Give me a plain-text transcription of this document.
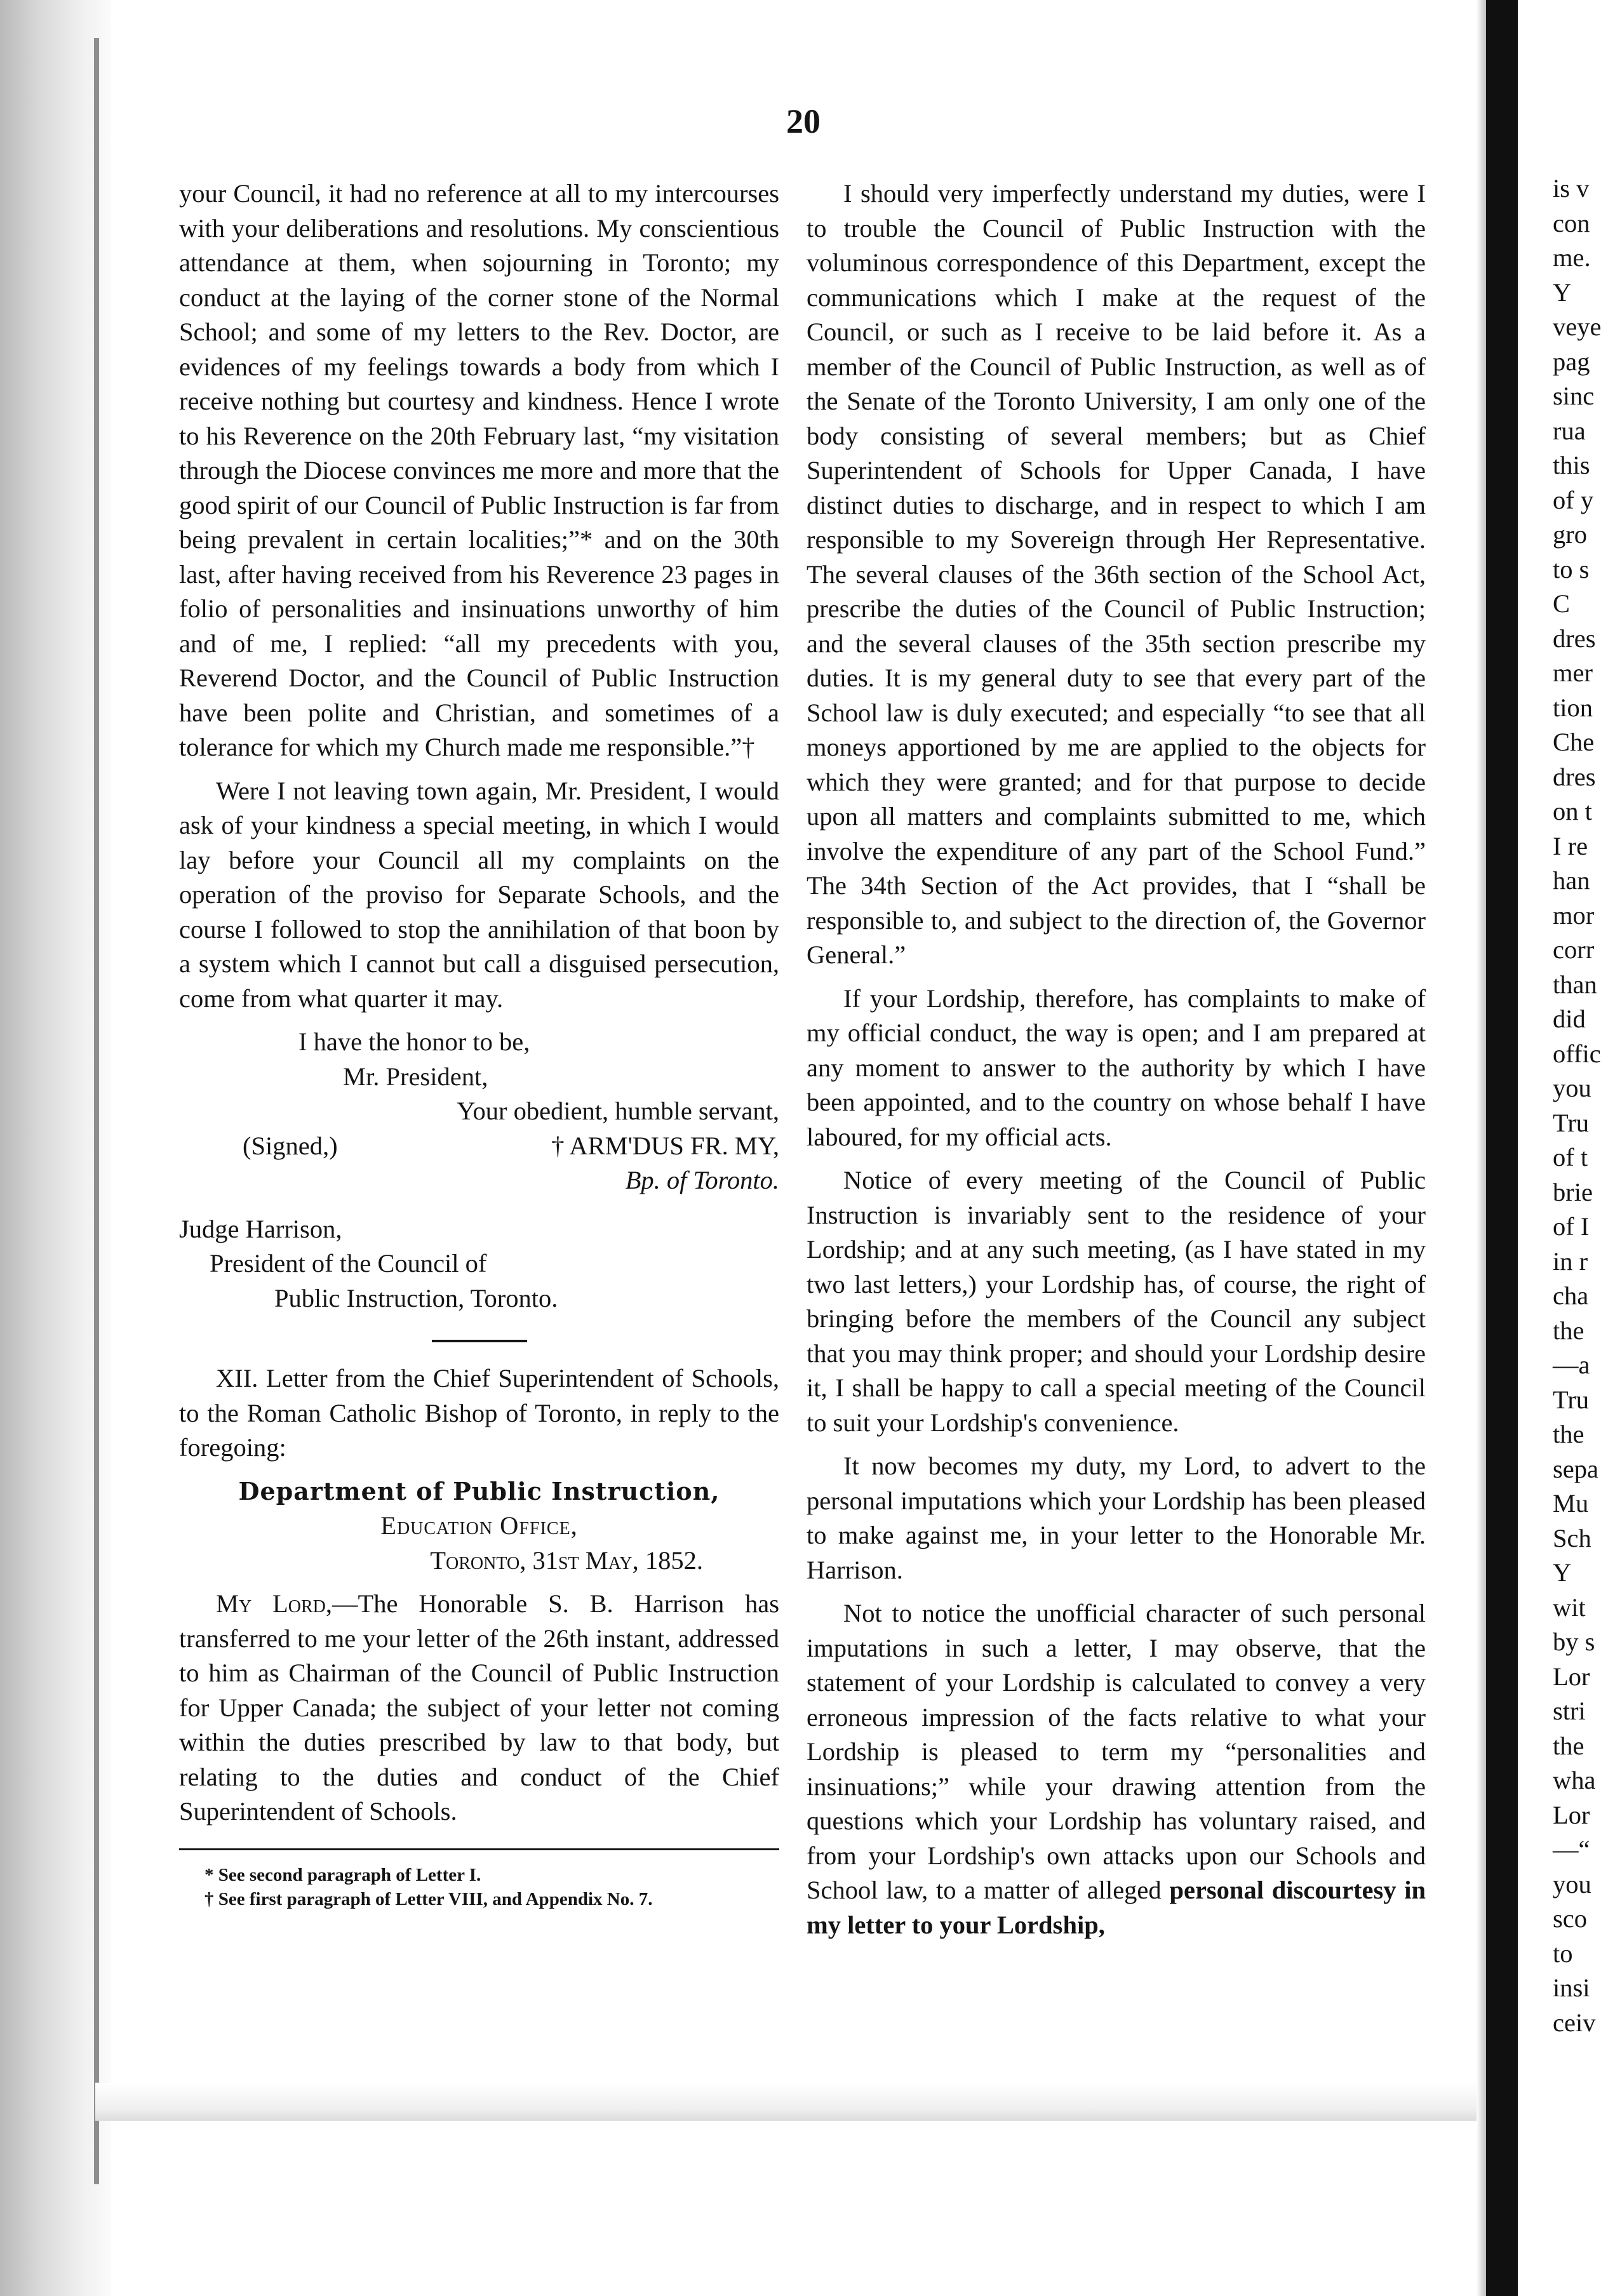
20

your Council, it had no reference at all to my intercourses with your deliberations and resolutions. My conscientious attendance at them, when sojourning in Toronto; my conduct at the laying of the corner stone of the Normal School; and some of my letters to the Rev. Doctor, are evidences of my feelings towards a body from which I receive nothing but courtesy and kindness. Hence I wrote to his Reverence on the 20th February last, “my visitation through the Diocese convinces me more and more that the good spirit of our Council of Public Instruction is far from being prevalent in certain localities;”* and on the 30th last, after having received from his Reverence 23 pages in folio of personalities and insinuations unworthy of him and of me, I replied: “all my precedents with you, Reverend Doctor, and the Council of Public Instruction have been polite and Christian, and sometimes of a tolerance for which my Church made me responsible.”†

Were I not leaving town again, Mr. President, I would ask of your kindness a special meeting, in which I would lay before your Council all my complaints on the operation of the proviso for Separate Schools, and the course I followed to stop the annihilation of that boon by a system which I cannot but call a disguised persecution, come from what quarter it may.

I have the honor to be,
Mr. President,
Your obedient, humble servant,
(Signed,)	† ARM'DUS FR. MY,
Bp. of Toronto.
Judge Harrison,
President of the Council of
Public Instruction, Toronto.

XII. Letter from the Chief Superintendent of Schools, to the Roman Catholic Bishop of Toronto, in reply to the foregoing:

Department of Public Instruction,
Education Office,
Toronto, 31st May, 1852.

My Lord,—The Honorable S. B. Harrison has transferred to me your letter of the 26th instant, addressed to him as Chairman of the Council of Public Instruction for Upper Canada; the subject of your letter not coming within the duties prescribed by law to that body, but relating to the duties and conduct of the Chief Superintendent of Schools.

* See second paragraph of Letter I.
† See first paragraph of Letter VIII, and Appendix No. 7.

I should very imperfectly understand my duties, were I to trouble the Council of Public Instruction with the voluminous correspondence of this Department, except the communications which I make at the request of the Council, or such as I receive to be laid before it. As a member of the Council of Public Instruction, as well as of the Senate of the Toronto University, I am only one of the body consisting of several members; but as Chief Superintendent of Schools for Upper Canada, I have distinct duties to discharge, and in respect to which I am responsible to my Sovereign through Her Representative. The several clauses of the 36th section of the School Act, prescribe the duties of the Council of Public Instruction; and the several clauses of the 35th section prescribe my duties. It is my general duty to see that every part of the School law is duly executed; and especially “to see that all moneys apportioned by me are applied to the objects for which they were granted; and for that purpose to decide upon all matters and complaints submitted to me, which involve the expenditure of any part of the School Fund.” The 34th Section of the Act provides, that I “shall be responsible to, and subject to the direction of, the Governor General.”

If your Lordship, therefore, has complaints to make of my official conduct, the way is open; and I am prepared at any moment to answer to the authority by which I have been appointed, and to the country on whose behalf I have laboured, for my official acts.

Notice of every meeting of the Council of Public Instruction is invariably sent to the residence of your Lordship; and at any such meeting, (as I have stated in my two last letters,) your Lordship has, of course, the right of bringing before the members of the Council any subject that you may think proper; and should your Lordship desire it, I shall be happy to call a special meeting of the Council to suit your Lordship's convenience.

It now becomes my duty, my Lord, to advert to the personal imputations which your Lordship has been pleased to make against me, in your letter to the Honorable Mr. Harrison.

Not to notice the unofficial character of such personal imputations in such a letter, I may observe, that the statement of your Lordship is calculated to convey a very erroneous impression of the facts relative to what your Lordship is pleased to term my “personalities and insinuations;” while your drawing attention from the questions which your Lordship has voluntary raised, and from your Lordship's own attacks upon our Schools and School law, to a matter of alleged personal discourtesy in my letter to your Lordship,

is v
con
me.
Y
veye
pag
sinc
rua
this
of y
gro
to s
C
dres
mer
tion
Che
dres
on t
I re
han
mor
corr
than
did
offic
you
Tru
of t
brie
of I
in r
cha
the
—a
Tru
the
sepa
Mu
Sch
Y
wit
by s
Lor
stri
the
wha
Lor
—“
you
sco
to
insi
ceiv
